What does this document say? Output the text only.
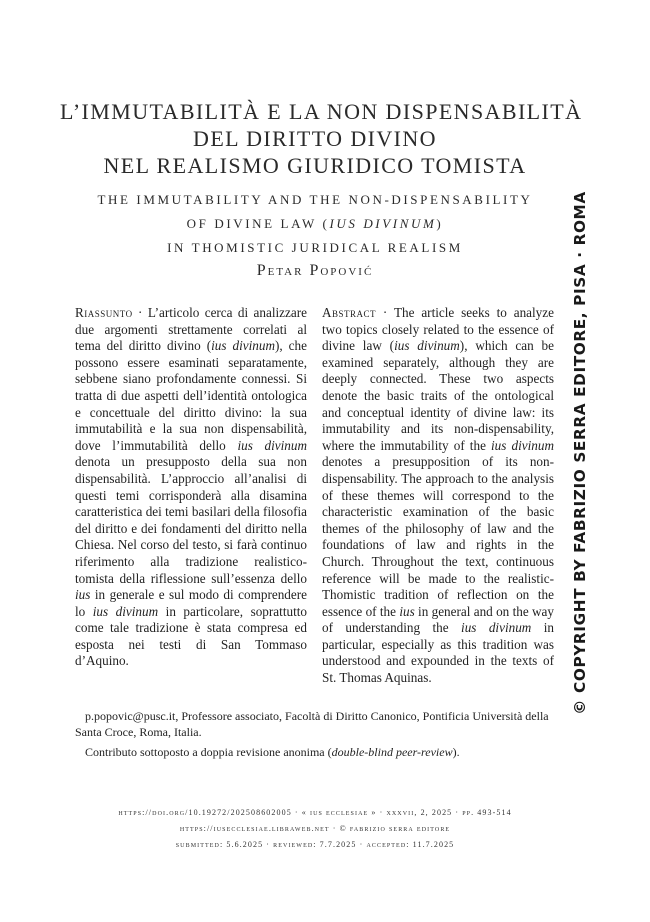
L’IMMUTABILITÀ E LA NON DISPENSABILITÀ
DEL DIRITTO DIVINO
NEL REALISMO GIURIDICO TOMISTA
THE IMMUTABILITY AND THE NON-DISPENSABILITY
OF DIVINE LAW (IUS DIVINUM)
IN THOMISTIC JURIDICAL REALISM
Petar Popović
Riassunto · L’articolo cerca di analizzare due argomenti strettamente correlati al tema del diritto divino (ius divinum), che possono essere esaminati separatamente, sebbene siano profondamente connessi. Si tratta di due aspetti dell’identità ontologica e concettuale del diritto divino: la sua immutabilità e la sua non dispensabilità, dove l’immutabilità dello ius divinum denota un presupposto della sua non dispensabilità. L’approccio all’analisi di questi temi corrisponderà alla disamina caratteristica dei temi basilari della filosofia del diritto e dei fondamenti del diritto nella Chiesa. Nel corso del testo, si farà continuo riferimento alla tradizione realistico-tomista della riflessione sull’essenza dello ius in generale e sul modo di comprendere lo ius divinum in particolare, soprattutto come tale tradizione è stata compresa ed esposta nei testi di San Tommaso d’Aquino.
Abstract · The article seeks to analyze two topics closely related to the essence of divine law (ius divinum), which can be examined separately, although they are deeply connected. These two aspects denote the basic traits of the ontological and conceptual identity of divine law: its immutability and its non-dispensability, where the immutability of the ius divinum denotes a presupposition of its non-dispensability. The approach to the analysis of these themes will correspond to the characteristic examination of the basic themes of the philosophy of law and the foundations of law and rights in the Church. Throughout the text, continuous reference will be made to the realistic-Thomistic tradition of reflection on the essence of the ius in general and on the way of understanding the ius divinum in particular, especially as this tradition was understood and expounded in the texts of St. Thomas Aquinas.

p.popovic@pusc.it, Professore associato, Facoltà di Diritto Canonico, Pontificia Università della Santa Croce, Roma, Italia.

Contributo sottoposto a doppia revisione anonima (double-blind peer-review).

https://doi.org/10.19272/202508602005 · « ius ecclesiae » · xxxvii, 2, 2025 · pp. 493-514
https://iusecclesiae.libraweb.net · © fabrizio serra editore
submitted: 5.6.2025 · reviewed: 7.7.2025 · accepted: 11.7.2025
© COPYRIGHT BY FABRIZIO SERRA EDITORE, PISA · ROMA
